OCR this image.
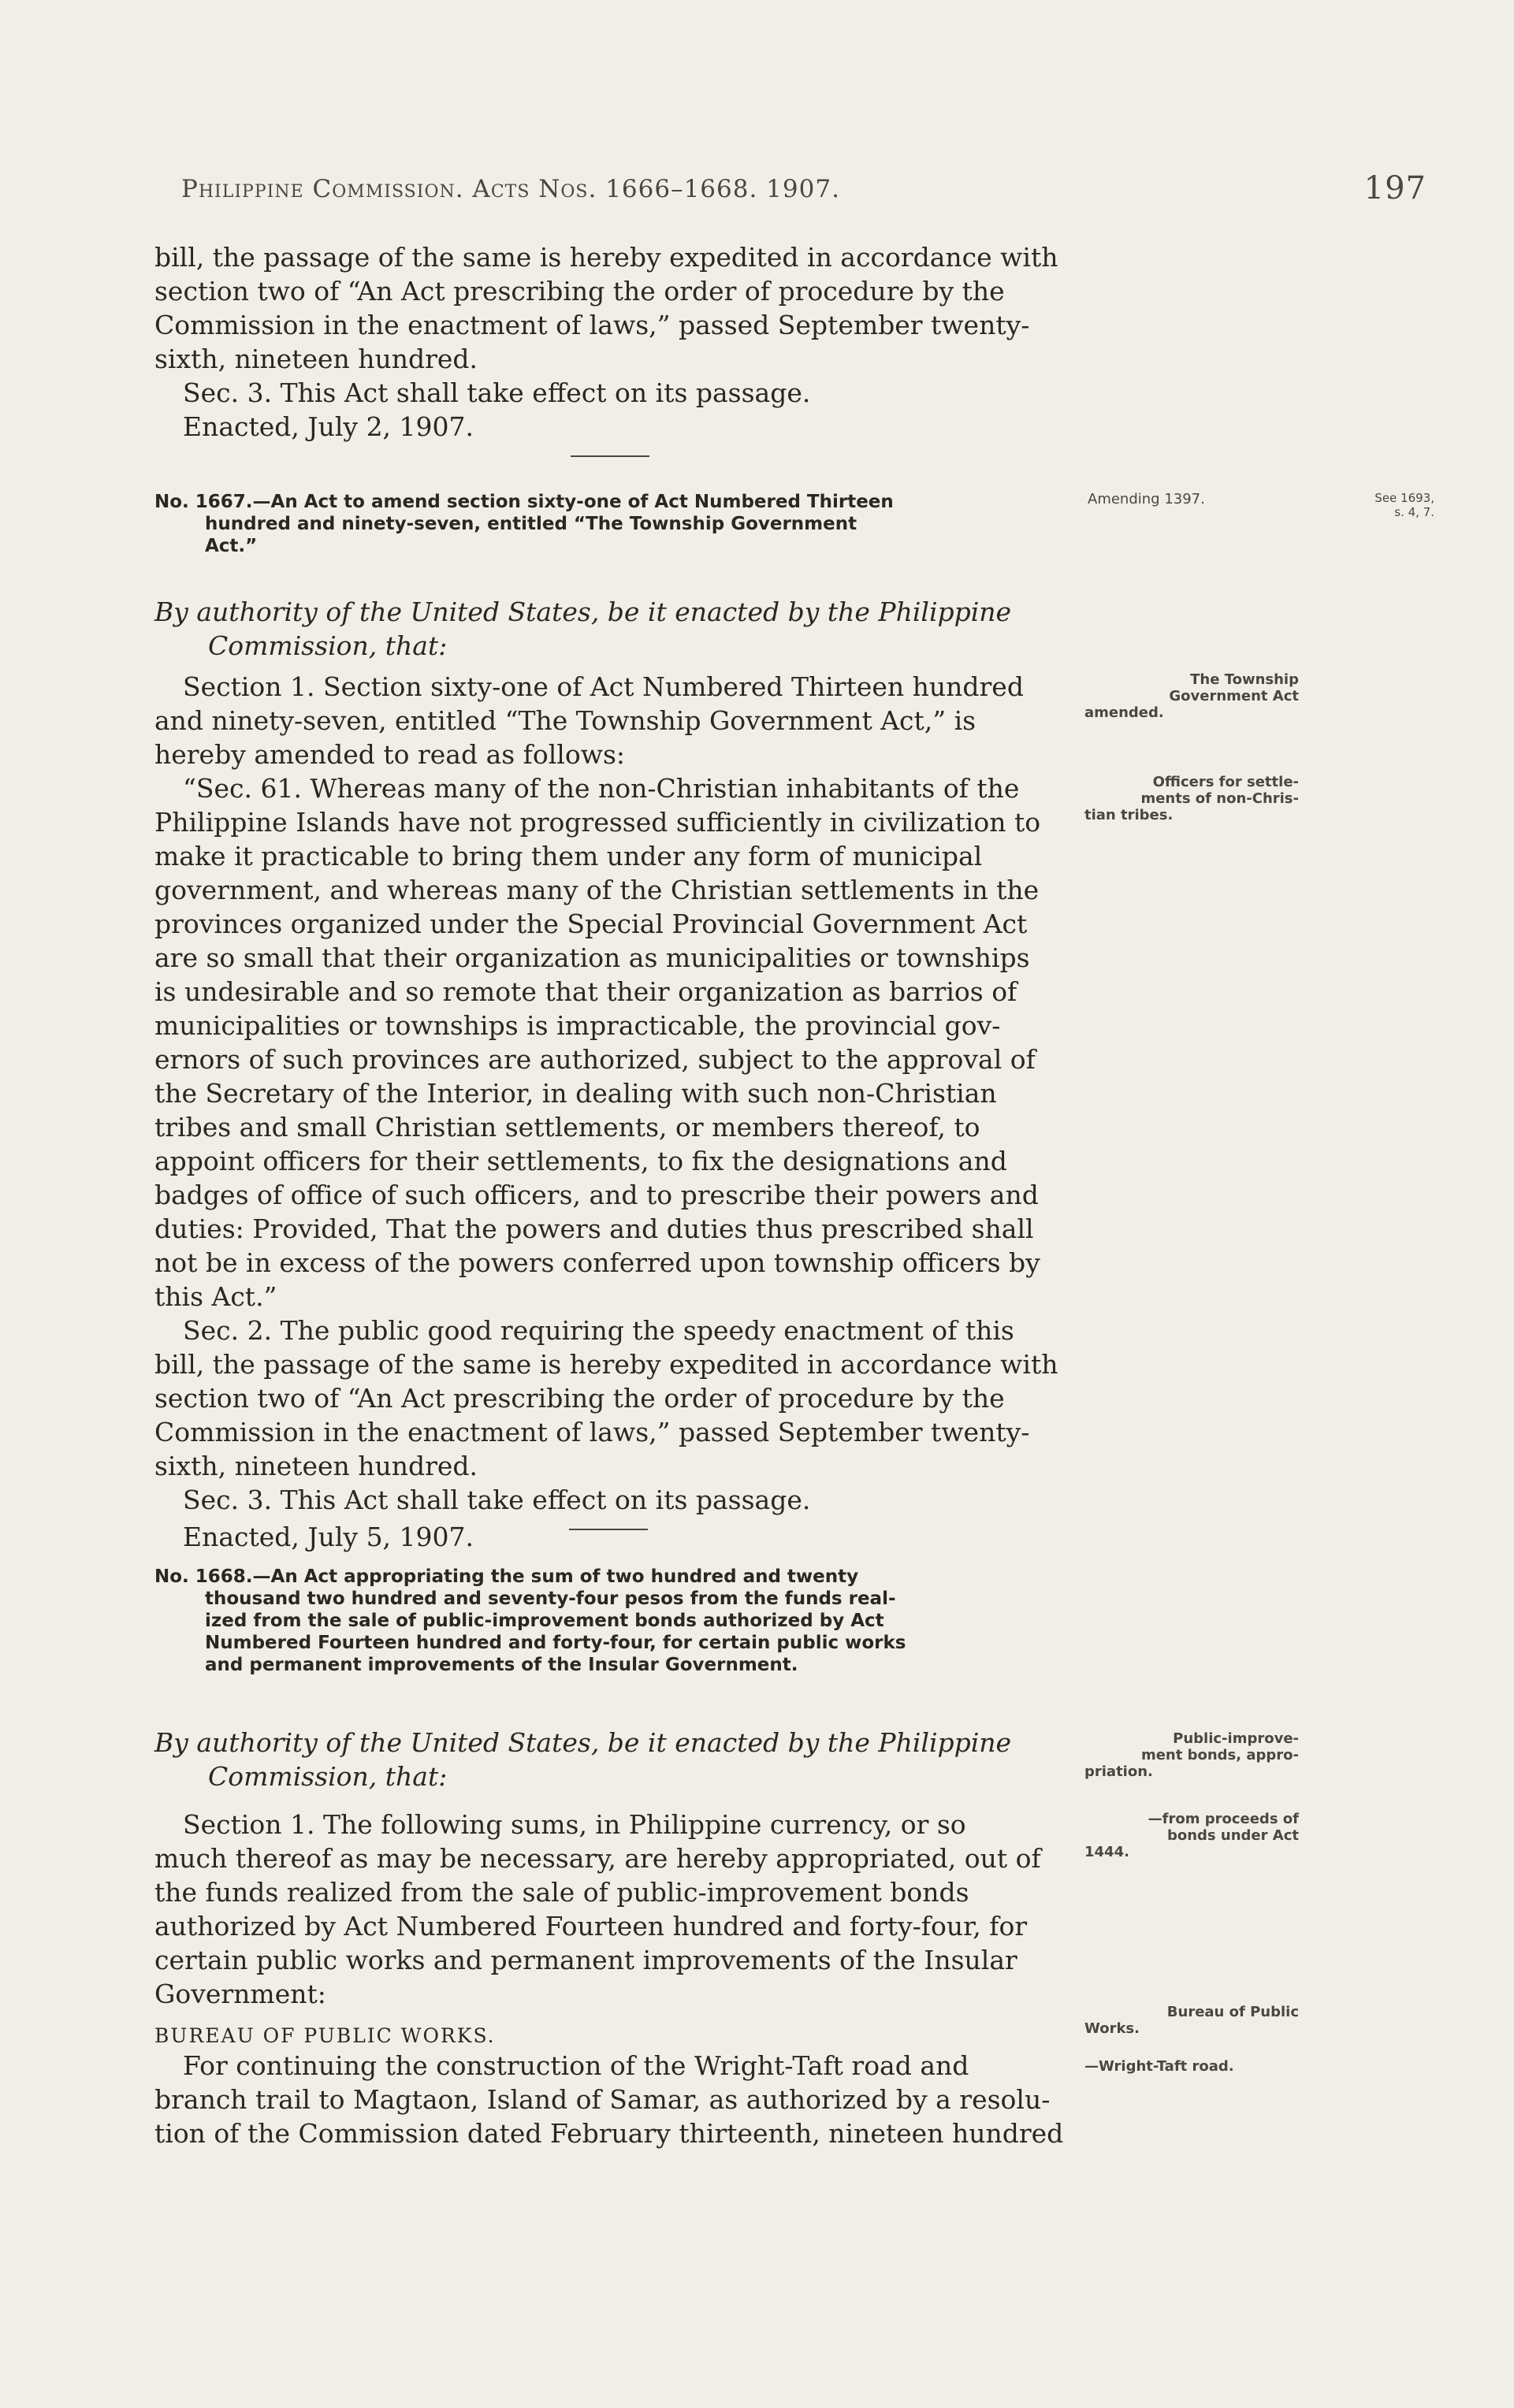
Philippine Commission. Acts Nos. 1666–1668. 1907.	197

bill, the passage of the same is hereby expedited in accordance with

section two of “An Act prescribing the order of procedure by the

Commission in the enactment of laws,” passed September twenty-

sixth, nineteen hundred.

Sec. 3. This Act shall take effect on its passage.

Enacted, July 2, 1907.

No. 1667.—An Act to amend section sixty-one of Act Numbered Thirteen
hundred and ninety-seven, entitled “The Township Government
Act.”
Amending 1397.	See 1693,
s. 4, 7.

By authority of the United States, be it enacted by the Philippine

Commission, that:

Section 1. Section sixty-one of Act Numbered Thirteen hundred

and ninety-seven, entitled “The Township Government Act,” is

hereby amended to read as follows:

“Sec. 61. Whereas many of the non-Christian inhabitants of the

Philippine Islands have not progressed sufficiently in civilization to

make it practicable to bring them under any form of municipal

government, and whereas many of the Christian settlements in the

provinces organized under the Special Provincial Government Act

are so small that their organization as municipalities or townships

is undesirable and so remote that their organization as barrios of

municipalities or townships is impracticable, the provincial gov-

ernors of such provinces are authorized, subject to the approval of

the Secretary of the Interior, in dealing with such non-Christian

tribes and small Christian settlements, or members thereof, to

appoint officers for their settlements, to fix the designations and

badges of office of such officers, and to prescribe their powers and

duties: Provided, That the powers and duties thus prescribed shall

not be in excess of the powers conferred upon township officers by

this Act.”

Sec. 2. The public good requiring the speedy enactment of this

bill, the passage of the same is hereby expedited in accordance with

section two of “An Act prescribing the order of procedure by the

Commission in the enactment of laws,” passed September twenty-

sixth, nineteen hundred.

Sec. 3. This Act shall take effect on its passage.

Enacted, July 5, 1907.

The Township
Government Act
amended.
Officers for settle-
ments of non-Chris-
tian tribes.
No. 1668.—An Act appropriating the sum of two hundred and twenty
thousand two hundred and seventy-four pesos from the funds real-
ized from the sale of public-improvement bonds authorized by Act
Numbered Fourteen hundred and forty-four, for certain public works
and permanent improvements of the Insular Government.

By authority of the United States, be it enacted by the Philippine

Commission, that:

Section 1. The following sums, in Philippine currency, or so

much thereof as may be necessary, are hereby appropriated, out of

the funds realized from the sale of public-improvement bonds

authorized by Act Numbered Fourteen hundred and forty-four, for

certain public works and permanent improvements of the Insular

Government:

BUREAU OF PUBLIC WORKS.

For continuing the construction of the Wright-Taft road and

branch trail to Magtaon, Island of Samar, as authorized by a resolu-

tion of the Commission dated February thirteenth, nineteen hundred

Public-improve-
ment bonds, appro-
priation.
—from proceeds of
bonds under Act
1444.
Bureau of Public
Works.
—Wright-Taft road.
